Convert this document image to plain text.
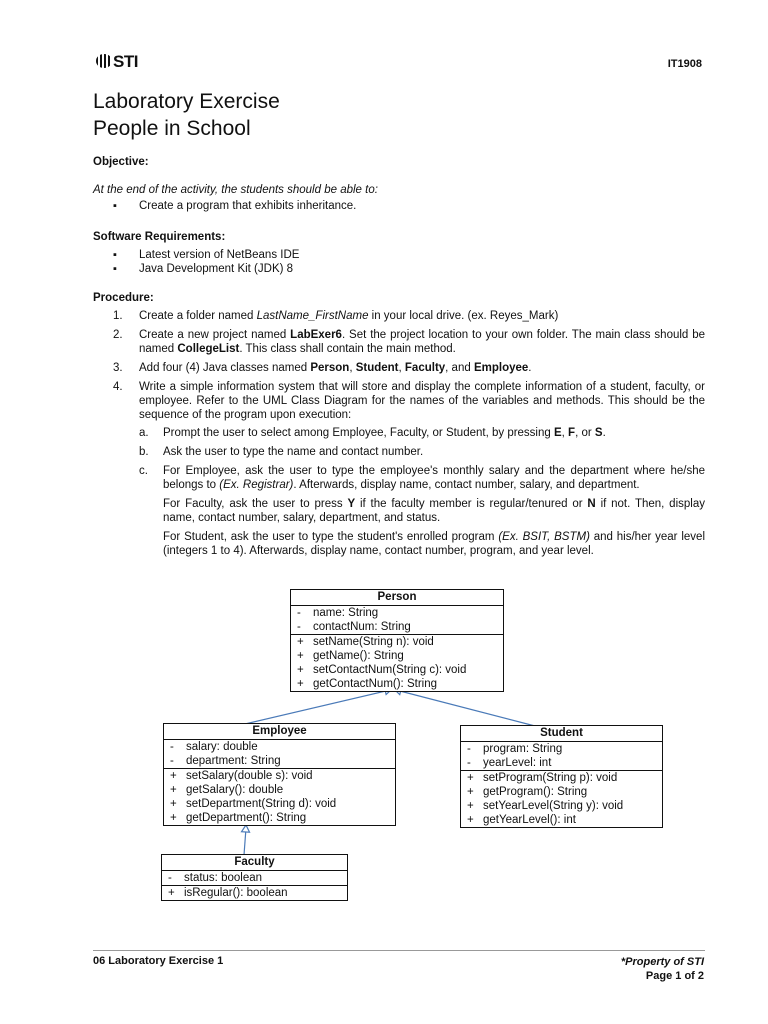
STI	IT1908
Laboratory Exercise
People in School
Objective:
At the end of the activity, the students should be able to:
▪ Create a program that exhibits inheritance.
Software Requirements:
▪ Latest version of NetBeans IDE
▪ Java Development Kit (JDK) 8
Procedure:
1. Create a folder named LastName_FirstName in your local drive. (ex. Reyes_Mark)
2. Create a new project named LabExer6. Set the project location to your own folder. The main class should be named CollegeList. This class shall contain the main method.
3. Add four (4) Java classes named Person, Student, Faculty, and Employee.
4. Write a simple information system that will store and display the complete information of a student, faculty, or employee. Refer to the UML Class Diagram for the names of the variables and methods. This should be the sequence of the program upon execution:
a. Prompt the user to select among Employee, Faculty, or Student, by pressing E, F, or S.
b. Ask the user to type the name and contact number.
c. For Employee, ask the user to type the employee's monthly salary and the department where he/she belongs to (Ex. Registrar). Afterwards, display name, contact number, salary, and department.
For Faculty, ask the user to press Y if the faculty member is regular/tenured or N if not. Then, display name, contact number, salary, department, and status.
For Student, ask the user to type the student's enrolled program (Ex. BSIT, BSTM) and his/her year level (integers 1 to 4). Afterwards, display name, contact number, program, and year level.
Person
- name: String
- contactNum: String
+ setName(String n): void
+ getName(): String
+ setContactNum(String c): void
+ getContactNum(): String
Employee
- salary: double
- department: String
+ setSalary(double s): void
+ getSalary(): double
+ setDepartment(String d): void
+ getDepartment(): String
Student
- program: String
- yearLevel: int
+ setProgram(String p): void
+ getProgram(): String
+ setYearLevel(String y): void
+ getYearLevel(): int
Faculty
- status: boolean
+ isRegular(): boolean
06 Laboratory Exercise 1	*Property of STI
Page 1 of 2
